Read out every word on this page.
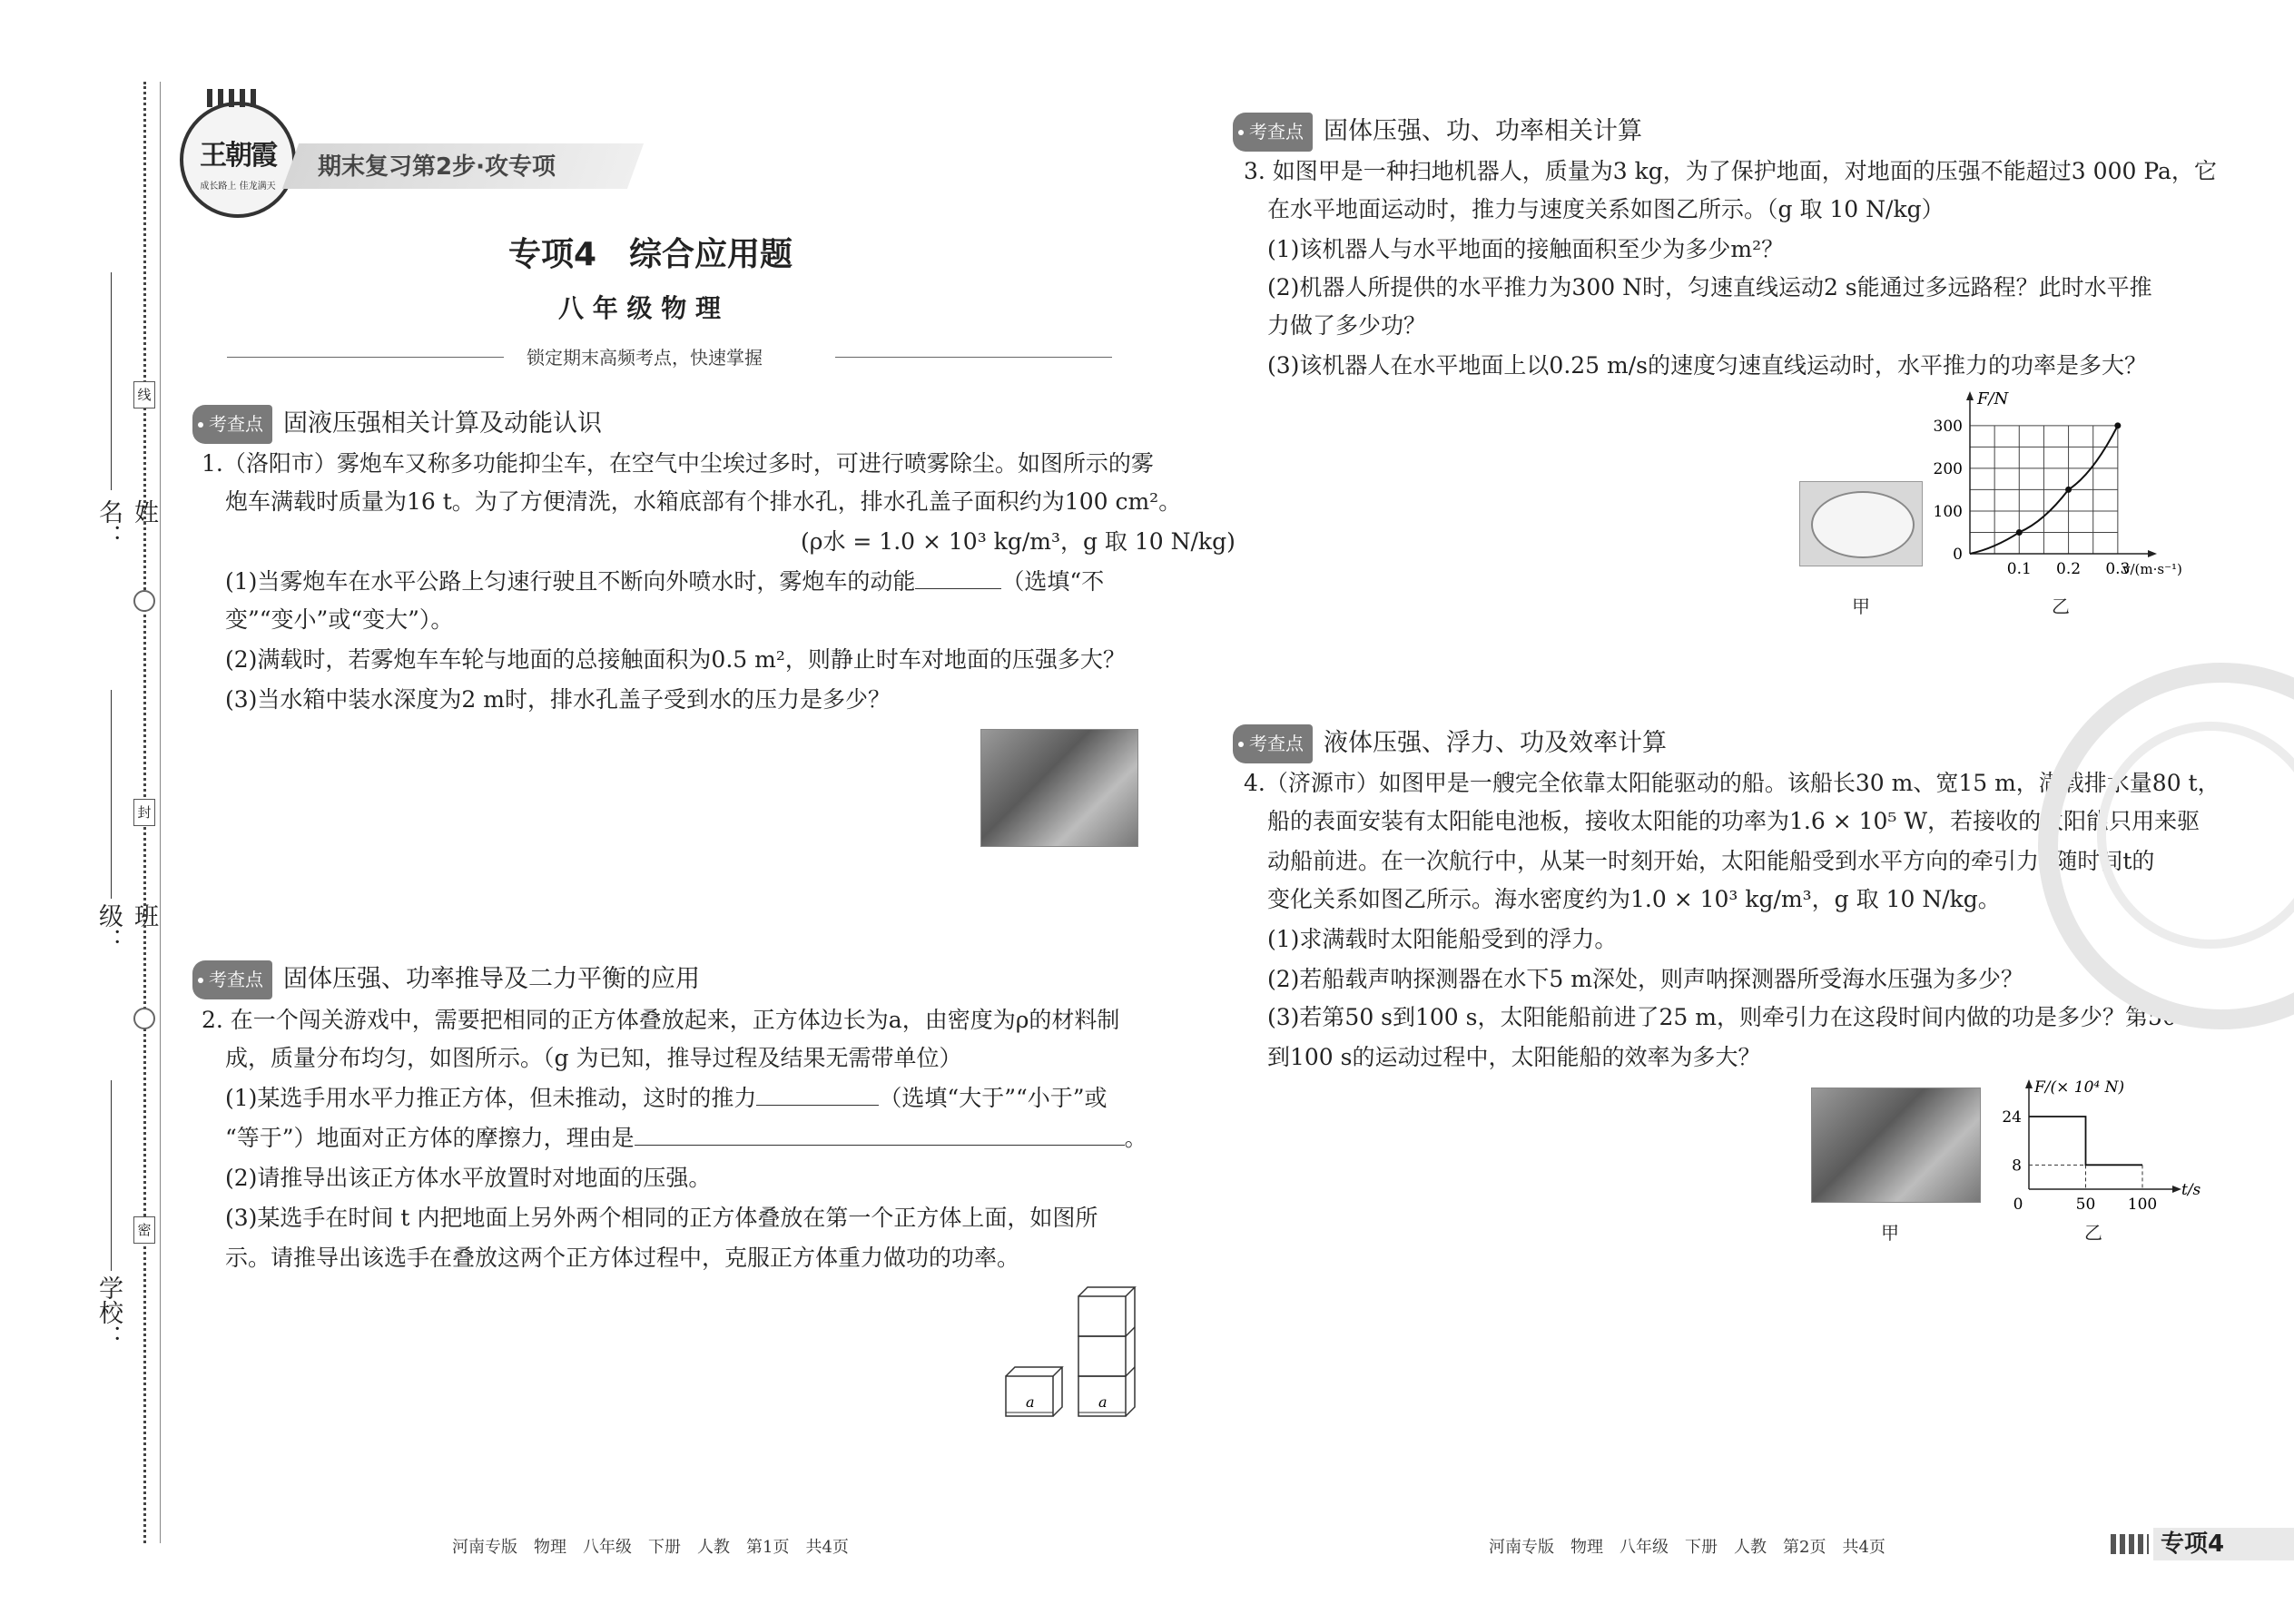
姓名：
班级：
学校：
线
封
密
王朝霞
成长路上 佳龙满天
期末复习第2步·攻专项
专项4　综合应用题
八 年 级 物 理
锁定期末高频考点，快速掌握
考查点 固液压强相关计算及动能认识
1.（洛阳市）雾炮车又称多功能抑尘车，在空气中尘埃过多时，可进行喷雾除尘。如图所示的雾
炮车满载时质量为16 t。为了方便清洗，水箱底部有个排水孔，排水孔盖子面积约为100 cm²。
(ρ水 = 1.0 × 10³ kg/m³，g 取 10 N/kg)
(1)当雾炮车在水平公路上匀速行驶且不断向外喷水时，雾炮车的动能	（选填“不
变”“变小”或“变大”）。
(2)满载时，若雾炮车车轮与地面的总接触面积为0.5 m²，则静止时车对地面的压强多大？
(3)当水箱中装水深度为2 m时，排水孔盖子受到水的压力是多少？
考查点 固体压强、功率推导及二力平衡的应用
2. 在一个闯关游戏中，需要把相同的正方体叠放起来，正方体边长为a，由密度为ρ的材料制
成，质量分布均匀，如图所示。（g 为已知，推导过程及结果无需带单位）
(1)某选手用水平力推正方体，但未推动，这时的推力	（选填“大于”“小于”或
“等于”）地面对正方体的摩擦力，理由是	。
(2)请推导出该正方体水平放置时对地面的压强。
(3)某选手在时间 t 内把地面上另外两个相同的正方体叠放在第一个正方体上面，如图所
示。请推导出该选手在叠放这两个正方体过程中，克服正方体重力做功的功率。
a	a
考查点 固体压强、功、功率相关计算
3. 如图甲是一种扫地机器人，质量为3 kg，为了保护地面，对地面的压强不能超过3 000 Pa，它
在水平地面运动时，推力与速度关系如图乙所示。（g 取 10 N/kg）
(1)该机器人与水平地面的接触面积至少为多少m²？
(2)机器人所提供的水平推力为300 N时，匀速直线运动2 s能通过多远路程？此时水平推
力做了多少功？
(3)该机器人在水平地面上以0.25 m/s的速度匀速直线运动时，水平推力的功率是多大？
甲
F/N
v/(m·s⁻¹)
0
100
200
300
0.1 0.2 0.3
乙
考查点 液体压强、浮力、功及效率计算
4.（济源市）如图甲是一艘完全依靠太阳能驱动的船。该船长30 m、宽15 m，满载排水量80 t，
船的表面安装有太阳能电池板，接收太阳能的功率为1.6 × 10⁵ W，若接收的太阳能只用来驱
动船前进。在一次航行中，从某一时刻开始，太阳能船受到水平方向的牵引力F随时间t的
变化关系如图乙所示。海水密度约为1.0 × 10³ kg/m³，g 取 10 N/kg。
(1)求满载时太阳能船受到的浮力。
(2)若船载声呐探测器在水下5 m深处，则声呐探测器所受海水压强为多少？
(3)若第50 s到100 s，太阳能船前进了25 m，则牵引力在这段时间内做的功是多少？第50 s
到100 s的运动过程中，太阳能船的效率为多大？
甲
F/(× 10⁴ N)
t/s
24
8
0	50 100
乙
河南专版　物理　八年级　下册　人教　第1页　共4页	河南专版　物理　八年级　下册　人教　第2页　共4页	专项4
